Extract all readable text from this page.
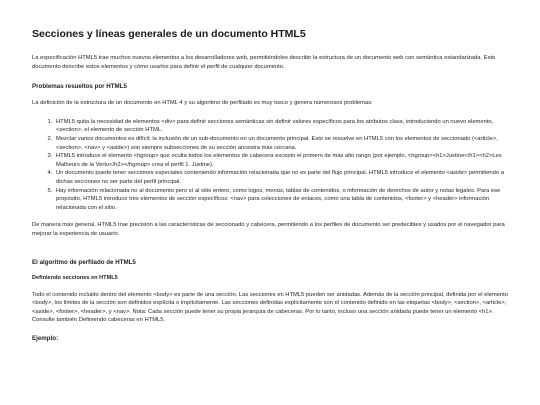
Secciones y líneas generales de un documento HTML5

La especificación HTML5 trae muchos nuevos elementos a los desarrolladores web, permitiéndoles describir la estructura de un documento web con semántica estandarizada. Este documento describe estos elementos y cómo usarlos para definir el perfil de cualquier documento.

Problemas resueltos por HTML5

La definición de la estructura de un documento en HTML 4 y su algoritmo de perfilado es muy tosco y genera numerosos problemas:

1. HTML5 quita la necesidad de elementos <div> para definir secciones semánticas sin definir valores específicos para los atributos class, introduciendo un nuevo elemento, <section>, el elemento de sección HTML.
2. Mezclar varios documentos es difícil; la inclusión de un sub-documento en un documento principal. Esto se resuelve en HTML5 con los elementos de seccionado (<article>, <section>, <nav> y <aside>) son siempre subsecciones de su sección ancestra más cercana.
3. HTML5 introduce el elemento <hgroup> que oculta todos los elementos de cabecera excepto el primero de más alto rango (por ejemplo, <hgroup><h1>Justine</h1><h2>Les Malheurs de la Vertu</h2></hgroup> crea el perfil 1. Justine).
4. Un documento puede tener secciones especiales conteniendo información relacionada que no es parte del flujo principal. HTML5 introduce el elemento <aside> permitiendo a dichas secciones no ser parte del perfil principal.
5. Hay información relacionada no al documento pero sí al sitio entero, como logos, menús, tablas de contenidos, o información de derechos de autor y notas legales. Para ese propósito, HTML5 introduce tres elementos de sección específicos: <nav> para colecciones de enlaces, como una tabla de contenidos, <footer> y <header> información relacionada con el sitio.

De manera más general, HTML5 trae precisión a las características de seccionado y cabecera, permitiendo a los perfiles de documento ser predecibles y usados por el navegador para mejorar la experiencia de usuario.

El algoritmo de perfilado de HTML5
Definiendo secciones en HTML5

Todo el contenido incluido dentro del elemento <body> es parte de una sección. Las secciones en HTML5 pueden ser anidadas. Además de la sección principal, definida por el elemento <body>, los límites de la sección son definidos explícita o implícitamente. Las secciones definidas explícitamente son el contenido definido en las etiquetas <body>, <section>, <article>, <aside>, <footer>, <header>, y <nav>. Nota: Cada sección puede tener su propia jerarquía de cabeceras. Por lo tanto, incluso una sección anidada puede tener un elemento <h1>. Consulte también Definiendo cabeceras en HTML5.

Ejemplo:
